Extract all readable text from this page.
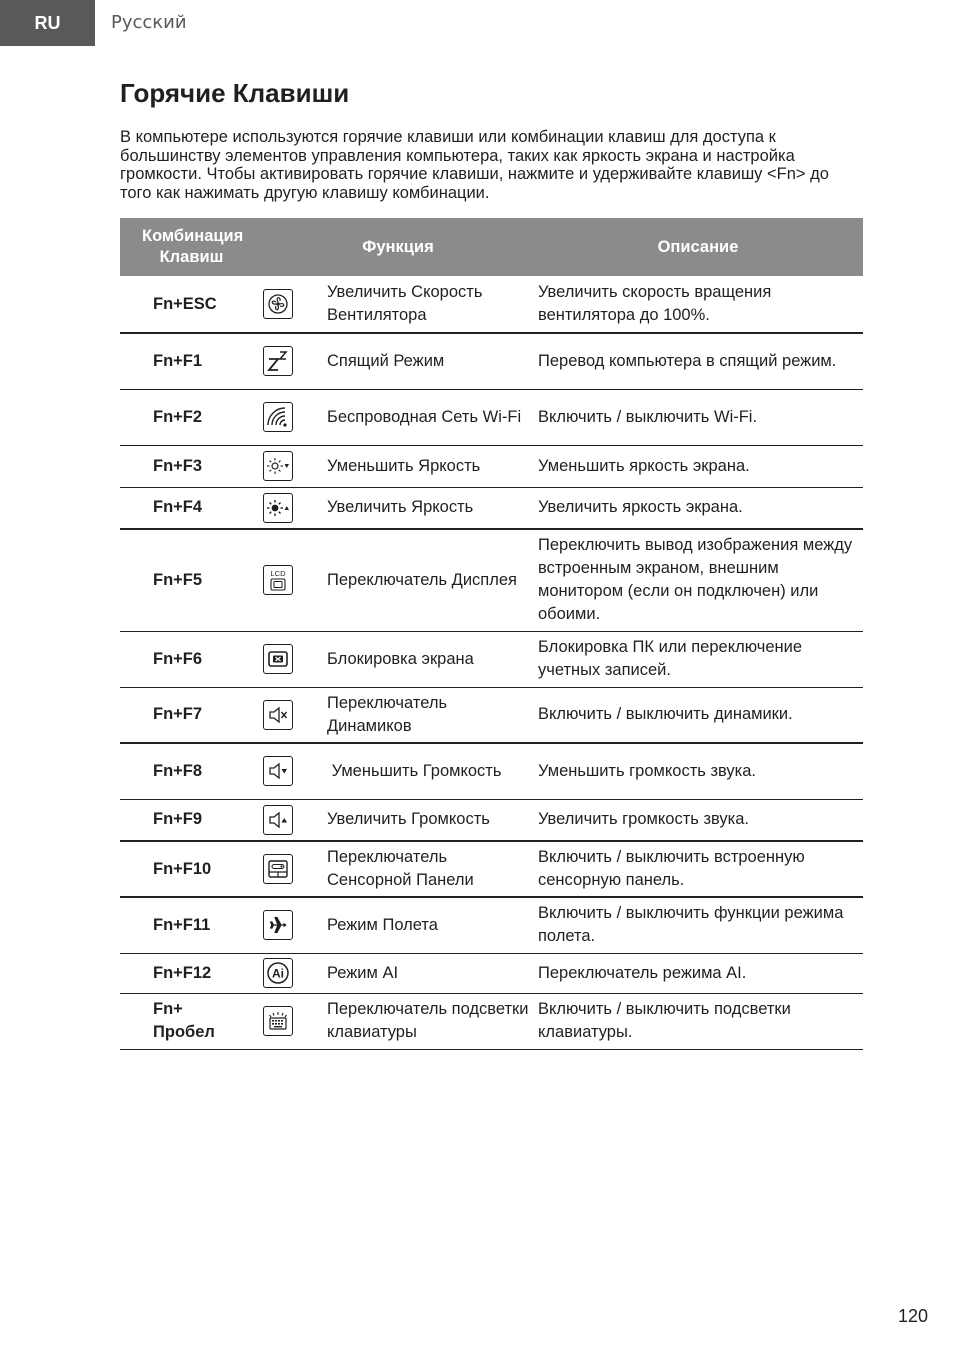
RU	Русский
Горячие Клавиши

В компьютере используются горячие клавиши или комбинации клавиш для доступа к большинству элементов управления компьютера, таких как яркость экрана и настройка громкости. Чтобы активировать горячие клавиши, нажмите и удерживайте клавишу <Fn> до того как нажимать другую клавишу комбинации.

Комбинация Клавиш	Функция		Описание
Fn+ESC		Увеличить Скорость Вентилятора	Увеличить скорость вращения вентилятора до 100%.
Fn+F1		Спящий Режим	Перевод компьютера в спящий режим.
Fn+F2		Беспроводная Сеть Wi-Fi	Включить / выключить Wi-Fi.
Fn+F3		Уменьшить Яркость	Уменьшить яркость экрана.
Fn+F4		Увеличить Яркость	Увеличить яркость экрана.
Fn+F5	LCD	Переключатель Дисплея	Переключить вывод изображения между встроенным экраном, внешним монитором (если он подключен) или обоими.
Fn+F6		Блокировка экрана	Блокировка ПК или переключение учетных записей.
Fn+F7		Переключатель Динамиков	Включить / выключить динамики.
Fn+F8		Уменьшить Громкость	Уменьшить громкость звука.
Fn+F9		Увеличить Громкость	Увеличить громкость звука.
Fn+F10		Переключатель Сенсорной Панели	Включить / выключить встроенную сенсорную панель.
Fn+F11		Режим Полета	Включить / выключить функции режима полета.
Fn+F12	Ai	Режим AI	Переключатель режима AI.
Fn+ Пробел		Переключатель подсветки клавиатуры	Включить / выключить подсветки клавиатуры.
120
